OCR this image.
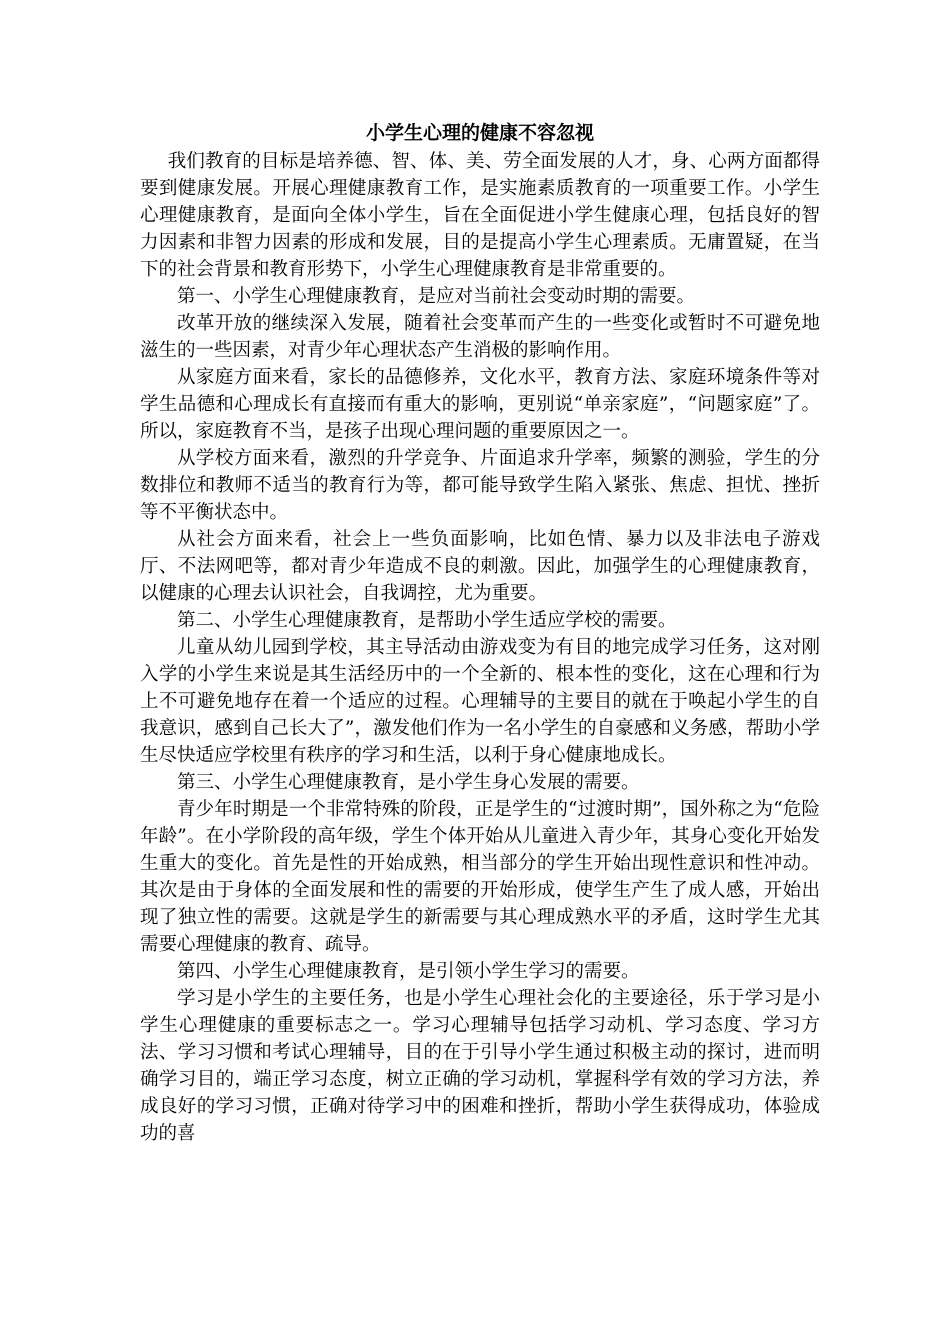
小学生心理的健康不容忽视

我们教育的目标是培养德、智、体、美、劳全面发展的人才，身、心两方面都得要到健康发展。开展心理健康教育工作，是实施素质教育的一项重要工作。小学生心理健康教育，是面向全体小学生，旨在全面促进小学生健康心理，包括良好的智力因素和非智力因素的形成和发展，目的是提高小学生心理素质。无庸置疑，在当下的社会背景和教育形势下，小学生心理健康教育是非常重要的。

第一、小学生心理健康教育，是应对当前社会变动时期的需要。

改革开放的继续深入发展，随着社会变革而产生的一些变化或暂时不可避免地滋生的一些因素，对青少年心理状态产生消极的影响作用。

从家庭方面来看，家长的品德修养，文化水平，教育方法、家庭环境条件等对学生品德和心理成长有直接而有重大的影响，更别说“单亲家庭”，“问题家庭”了。所以，家庭教育不当，是孩子出现心理问题的重要原因之一。

从学校方面来看，激烈的升学竞争、片面追求升学率，频繁的测验，学生的分数排位和教师不适当的教育行为等，都可能导致学生陷入紧张、焦虑、担忧、挫折等不平衡状态中。

从社会方面来看，社会上一些负面影响，比如色情、暴力以及非法电子游戏厅、不法网吧等，都对青少年造成不良的刺激。因此，加强学生的心理健康教育，以健康的心理去认识社会，自我调控，尤为重要。

第二、小学生心理健康教育，是帮助小学生适应学校的需要。

儿童从幼儿园到学校，其主导活动由游戏变为有目的地完成学习任务，这对刚入学的小学生来说是其生活经历中的一个全新的、根本性的变化，这在心理和行为上不可避免地存在着一个适应的过程。心理辅导的主要目的就在于唤起小学生的自我意识，感到自己长大了”，激发他们作为一名小学生的自豪感和义务感，帮助小学生尽快适应学校里有秩序的学习和生活，以利于身心健康地成长。

第三、小学生心理健康教育，是小学生身心发展的需要。

青少年时期是一个非常特殊的阶段，正是学生的“过渡时期”，国外称之为“危险年龄”。在小学阶段的高年级，学生个体开始从儿童进入青少年，其身心变化开始发生重大的变化。首先是性的开始成熟，相当部分的学生开始出现性意识和性冲动。其次是由于身体的全面发展和性的需要的开始形成，使学生产生了成人感，开始出现了独立性的需要。这就是学生的新需要与其心理成熟水平的矛盾，这时学生尤其需要心理健康的教育、疏导。

第四、小学生心理健康教育，是引领小学生学习的需要。

学习是小学生的主要任务，也是小学生心理社会化的主要途径，乐于学习是小学生心理健康的重要标志之一。学习心理辅导包括学习动机、学习态度、学习方法、学习习惯和考试心理辅导，目的在于引导小学生通过积极主动的探讨，进而明确学习目的，端正学习态度，树立正确的学习动机，掌握科学有效的学习方法，养成良好的学习习惯，正确对待学习中的困难和挫折，帮助小学生获得成功，体验成功的喜
